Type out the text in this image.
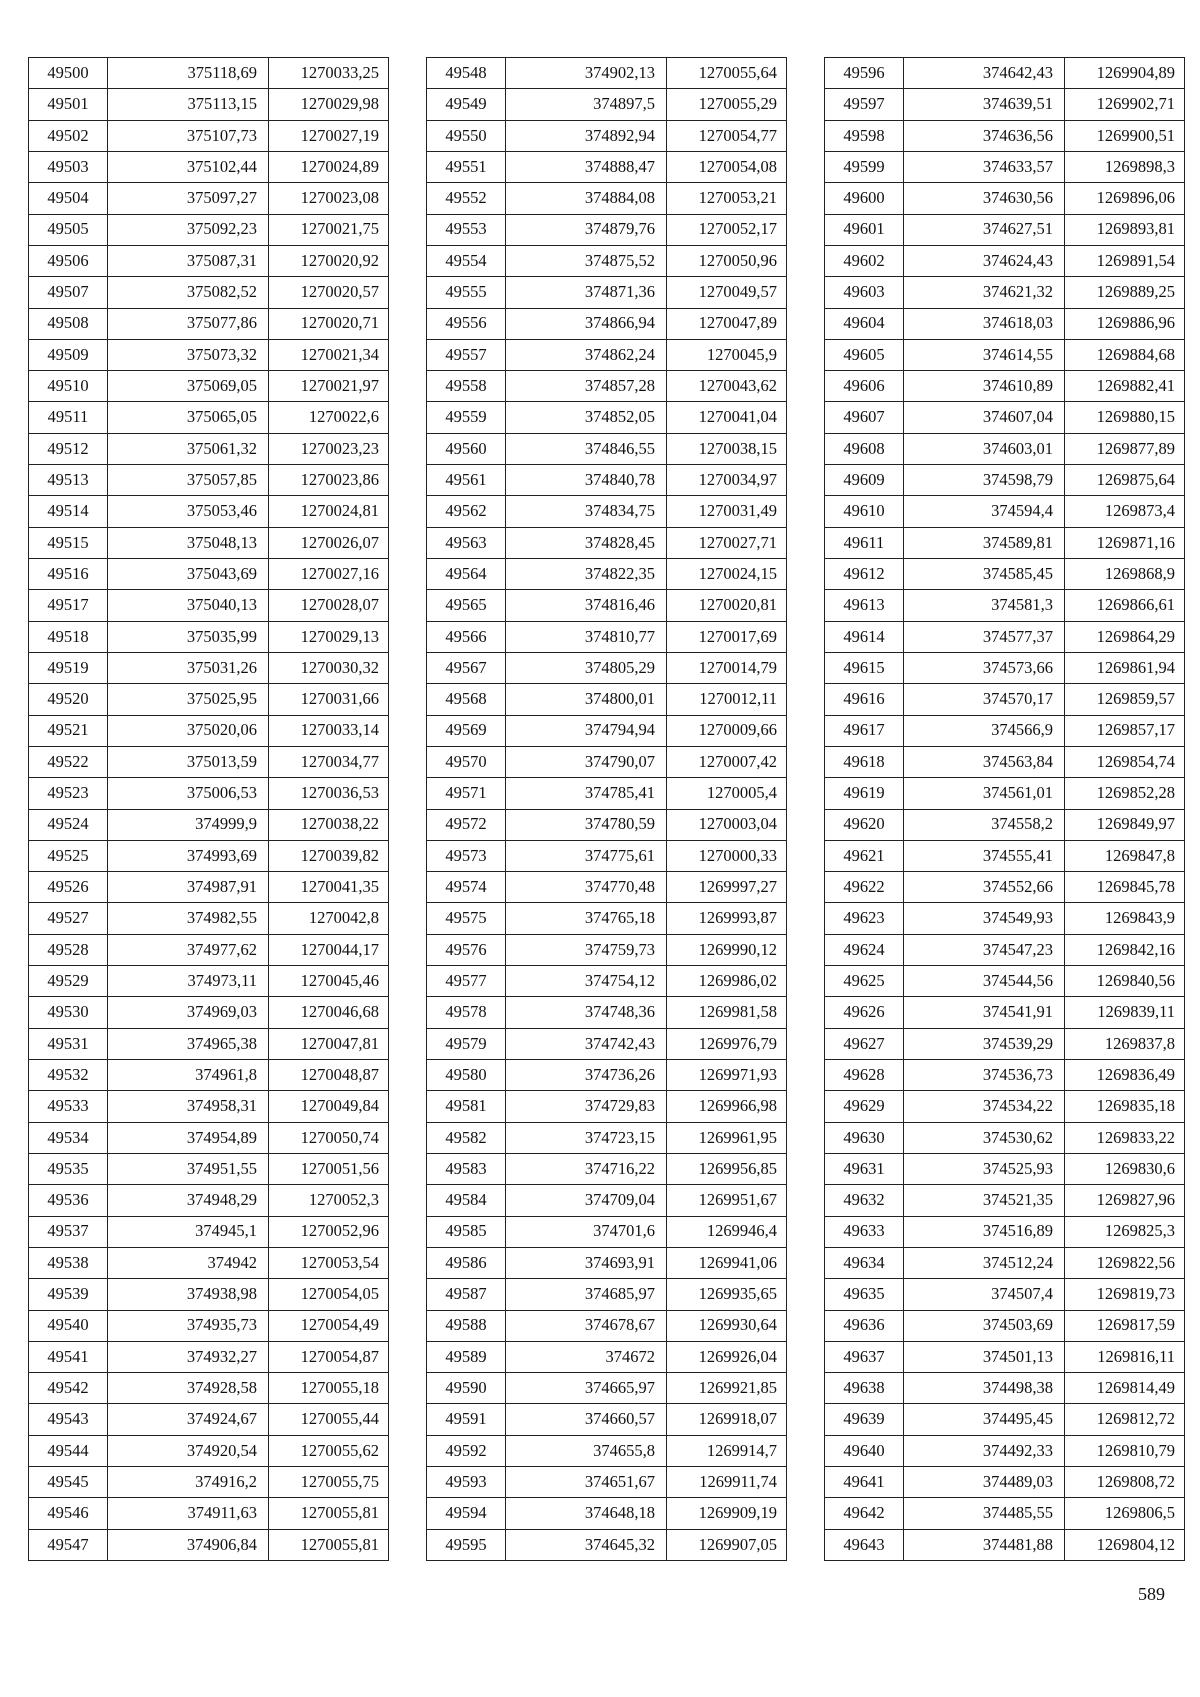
49500	375118,69	1270033,25
49501	375113,15	1270029,98
49502	375107,73	1270027,19
49503	375102,44	1270024,89
49504	375097,27	1270023,08
49505	375092,23	1270021,75
49506	375087,31	1270020,92
49507	375082,52	1270020,57
49508	375077,86	1270020,71
49509	375073,32	1270021,34
49510	375069,05	1270021,97
49511	375065,05	1270022,6
49512	375061,32	1270023,23
49513	375057,85	1270023,86
49514	375053,46	1270024,81
49515	375048,13	1270026,07
49516	375043,69	1270027,16
49517	375040,13	1270028,07
49518	375035,99	1270029,13
49519	375031,26	1270030,32
49520	375025,95	1270031,66
49521	375020,06	1270033,14
49522	375013,59	1270034,77
49523	375006,53	1270036,53
49524	374999,9	1270038,22
49525	374993,69	1270039,82
49526	374987,91	1270041,35
49527	374982,55	1270042,8
49528	374977,62	1270044,17
49529	374973,11	1270045,46
49530	374969,03	1270046,68
49531	374965,38	1270047,81
49532	374961,8	1270048,87
49533	374958,31	1270049,84
49534	374954,89	1270050,74
49535	374951,55	1270051,56
49536	374948,29	1270052,3
49537	374945,1	1270052,96
49538	374942	1270053,54
49539	374938,98	1270054,05
49540	374935,73	1270054,49
49541	374932,27	1270054,87
49542	374928,58	1270055,18
49543	374924,67	1270055,44
49544	374920,54	1270055,62
49545	374916,2	1270055,75
49546	374911,63	1270055,81
49547	374906,84	1270055,81
49548	374902,13	1270055,64
49549	374897,5	1270055,29
49550	374892,94	1270054,77
49551	374888,47	1270054,08
49552	374884,08	1270053,21
49553	374879,76	1270052,17
49554	374875,52	1270050,96
49555	374871,36	1270049,57
49556	374866,94	1270047,89
49557	374862,24	1270045,9
49558	374857,28	1270043,62
49559	374852,05	1270041,04
49560	374846,55	1270038,15
49561	374840,78	1270034,97
49562	374834,75	1270031,49
49563	374828,45	1270027,71
49564	374822,35	1270024,15
49565	374816,46	1270020,81
49566	374810,77	1270017,69
49567	374805,29	1270014,79
49568	374800,01	1270012,11
49569	374794,94	1270009,66
49570	374790,07	1270007,42
49571	374785,41	1270005,4
49572	374780,59	1270003,04
49573	374775,61	1270000,33
49574	374770,48	1269997,27
49575	374765,18	1269993,87
49576	374759,73	1269990,12
49577	374754,12	1269986,02
49578	374748,36	1269981,58
49579	374742,43	1269976,79
49580	374736,26	1269971,93
49581	374729,83	1269966,98
49582	374723,15	1269961,95
49583	374716,22	1269956,85
49584	374709,04	1269951,67
49585	374701,6	1269946,4
49586	374693,91	1269941,06
49587	374685,97	1269935,65
49588	374678,67	1269930,64
49589	374672	1269926,04
49590	374665,97	1269921,85
49591	374660,57	1269918,07
49592	374655,8	1269914,7
49593	374651,67	1269911,74
49594	374648,18	1269909,19
49595	374645,32	1269907,05
49596	374642,43	1269904,89
49597	374639,51	1269902,71
49598	374636,56	1269900,51
49599	374633,57	1269898,3
49600	374630,56	1269896,06
49601	374627,51	1269893,81
49602	374624,43	1269891,54
49603	374621,32	1269889,25
49604	374618,03	1269886,96
49605	374614,55	1269884,68
49606	374610,89	1269882,41
49607	374607,04	1269880,15
49608	374603,01	1269877,89
49609	374598,79	1269875,64
49610	374594,4	1269873,4
49611	374589,81	1269871,16
49612	374585,45	1269868,9
49613	374581,3	1269866,61
49614	374577,37	1269864,29
49615	374573,66	1269861,94
49616	374570,17	1269859,57
49617	374566,9	1269857,17
49618	374563,84	1269854,74
49619	374561,01	1269852,28
49620	374558,2	1269849,97
49621	374555,41	1269847,8
49622	374552,66	1269845,78
49623	374549,93	1269843,9
49624	374547,23	1269842,16
49625	374544,56	1269840,56
49626	374541,91	1269839,11
49627	374539,29	1269837,8
49628	374536,73	1269836,49
49629	374534,22	1269835,18
49630	374530,62	1269833,22
49631	374525,93	1269830,6
49632	374521,35	1269827,96
49633	374516,89	1269825,3
49634	374512,24	1269822,56
49635	374507,4	1269819,73
49636	374503,69	1269817,59
49637	374501,13	1269816,11
49638	374498,38	1269814,49
49639	374495,45	1269812,72
49640	374492,33	1269810,79
49641	374489,03	1269808,72
49642	374485,55	1269806,5
49643	374481,88	1269804,12
589
